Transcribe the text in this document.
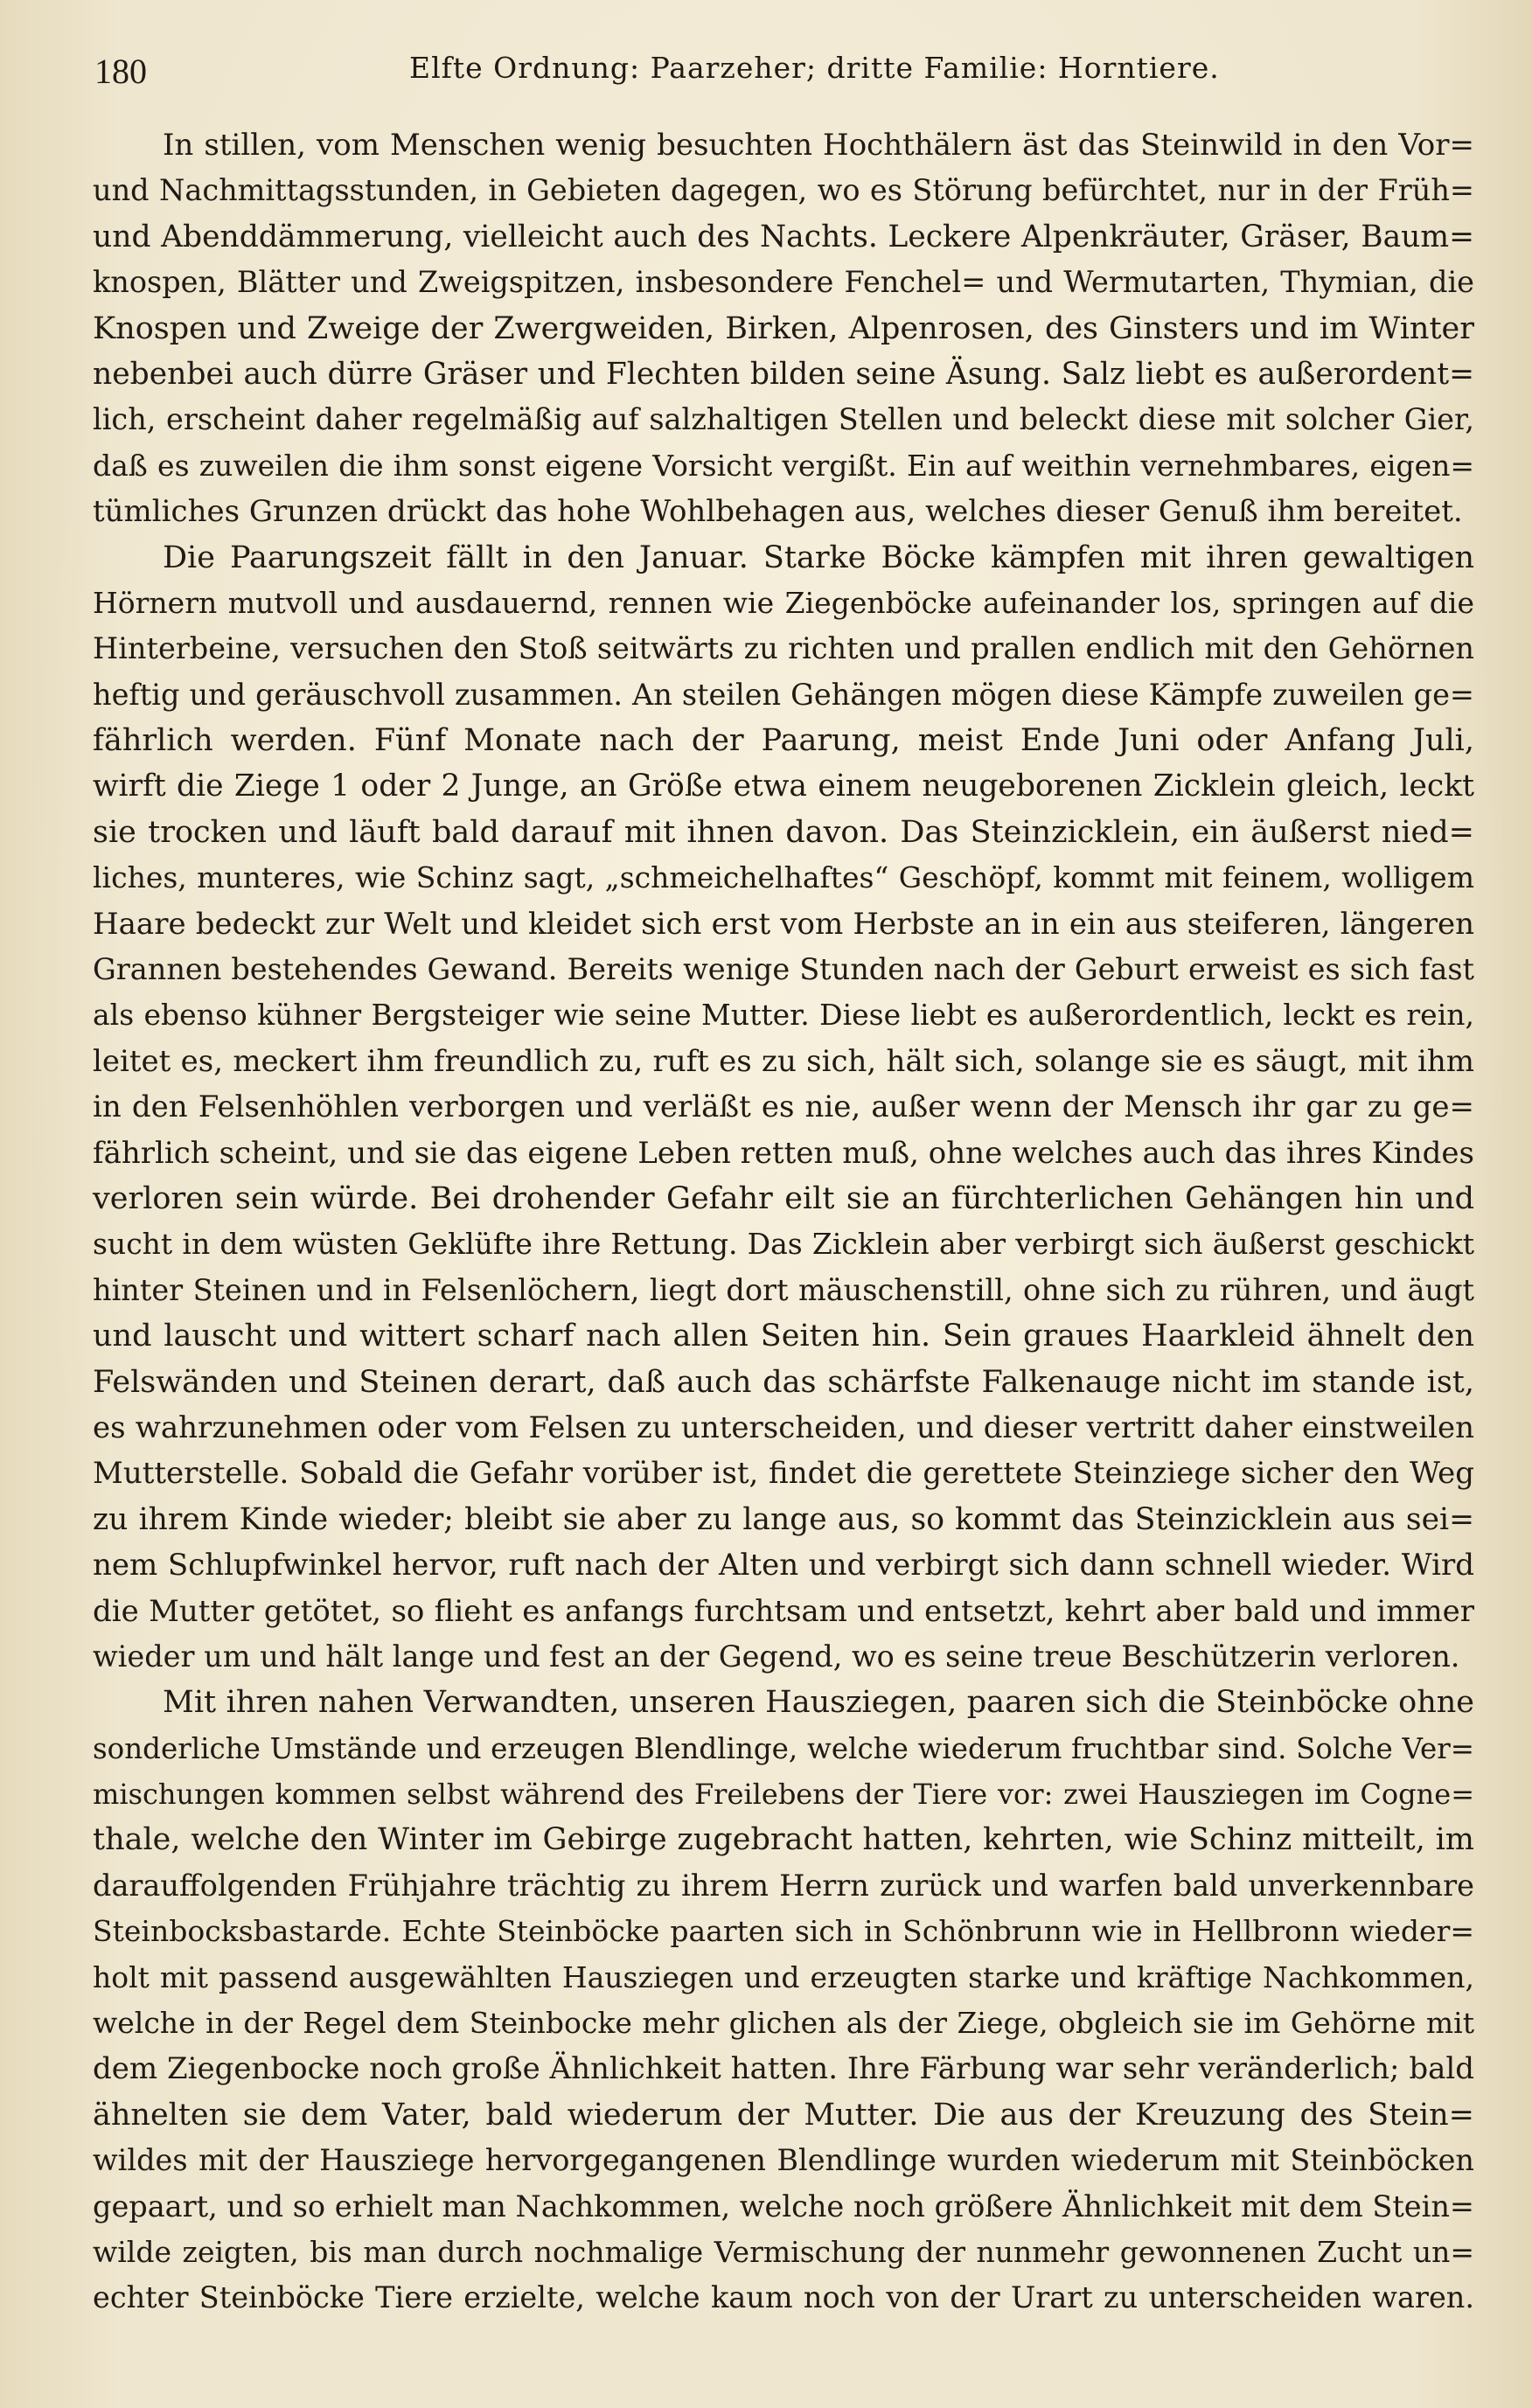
180	Elfte Ordnung: Paarzeher; dritte Familie: Horntiere.
In stillen, vom Menschen wenig besuchten Hochthälern äst das Steinwild in den Vor=
und Nachmittagsstunden, in Gebieten dagegen, wo es Störung befürchtet, nur in der Früh=
und Abenddämmerung, vielleicht auch des Nachts. Leckere Alpenkräuter, Gräser, Baum=
knospen, Blätter und Zweigspitzen, insbesondere Fenchel= und Wermutarten, Thymian, die
Knospen und Zweige der Zwergweiden, Birken, Alpenrosen, des Ginsters und im Winter
nebenbei auch dürre Gräser und Flechten bilden seine Äsung. Salz liebt es außerordent=
lich, erscheint daher regelmäßig auf salzhaltigen Stellen und beleckt diese mit solcher Gier,
daß es zuweilen die ihm sonst eigene Vorsicht vergißt. Ein auf weithin vernehmbares, eigen=
tümliches Grunzen drückt das hohe Wohlbehagen aus, welches dieser Genuß ihm bereitet.
Die Paarungszeit fällt in den Januar. Starke Böcke kämpfen mit ihren gewaltigen
Hörnern mutvoll und ausdauernd, rennen wie Ziegenböcke aufeinander los, springen auf die
Hinterbeine, versuchen den Stoß seitwärts zu richten und prallen endlich mit den Gehörnen
heftig und geräuschvoll zusammen. An steilen Gehängen mögen diese Kämpfe zuweilen ge=
fährlich werden. Fünf Monate nach der Paarung, meist Ende Juni oder Anfang Juli,
wirft die Ziege 1 oder 2 Junge, an Größe etwa einem neugeborenen Zicklein gleich, leckt
sie trocken und läuft bald darauf mit ihnen davon. Das Steinzicklein, ein äußerst nied=
liches, munteres, wie Schinz sagt, „schmeichelhaftes“ Geschöpf, kommt mit feinem, wolligem
Haare bedeckt zur Welt und kleidet sich erst vom Herbste an in ein aus steiferen, längeren
Grannen bestehendes Gewand. Bereits wenige Stunden nach der Geburt erweist es sich fast
als ebenso kühner Bergsteiger wie seine Mutter. Diese liebt es außerordentlich, leckt es rein,
leitet es, meckert ihm freundlich zu, ruft es zu sich, hält sich, solange sie es säugt, mit ihm
in den Felsenhöhlen verborgen und verläßt es nie, außer wenn der Mensch ihr gar zu ge=
fährlich scheint, und sie das eigene Leben retten muß, ohne welches auch das ihres Kindes
verloren sein würde. Bei drohender Gefahr eilt sie an fürchterlichen Gehängen hin und
sucht in dem wüsten Geklüfte ihre Rettung. Das Zicklein aber verbirgt sich äußerst geschickt
hinter Steinen und in Felsenlöchern, liegt dort mäuschenstill, ohne sich zu rühren, und äugt
und lauscht und wittert scharf nach allen Seiten hin. Sein graues Haarkleid ähnelt den
Felswänden und Steinen derart, daß auch das schärfste Falkenauge nicht im stande ist,
es wahrzunehmen oder vom Felsen zu unterscheiden, und dieser vertritt daher einstweilen
Mutterstelle. Sobald die Gefahr vorüber ist, findet die gerettete Steinziege sicher den Weg
zu ihrem Kinde wieder; bleibt sie aber zu lange aus, so kommt das Steinzicklein aus sei=
nem Schlupfwinkel hervor, ruft nach der Alten und verbirgt sich dann schnell wieder. Wird
die Mutter getötet, so flieht es anfangs furchtsam und entsetzt, kehrt aber bald und immer
wieder um und hält lange und fest an der Gegend, wo es seine treue Beschützerin verloren.
Mit ihren nahen Verwandten, unseren Hausziegen, paaren sich die Steinböcke ohne
sonderliche Umstände und erzeugen Blendlinge, welche wiederum fruchtbar sind. Solche Ver=
mischungen kommen selbst während des Freilebens der Tiere vor: zwei Hausziegen im Cogne=
thale, welche den Winter im Gebirge zugebracht hatten, kehrten, wie Schinz mitteilt, im
darauffolgenden Frühjahre trächtig zu ihrem Herrn zurück und warfen bald unverkennbare
Steinbocksbastarde. Echte Steinböcke paarten sich in Schönbrunn wie in Hellbronn wieder=
holt mit passend ausgewählten Hausziegen und erzeugten starke und kräftige Nachkommen,
welche in der Regel dem Steinbocke mehr glichen als der Ziege, obgleich sie im Gehörne mit
dem Ziegenbocke noch große Ähnlichkeit hatten. Ihre Färbung war sehr veränderlich; bald
ähnelten sie dem Vater, bald wiederum der Mutter. Die aus der Kreuzung des Stein=
wildes mit der Hausziege hervorgegangenen Blendlinge wurden wiederum mit Steinböcken
gepaart, und so erhielt man Nachkommen, welche noch größere Ähnlichkeit mit dem Stein=
wilde zeigten, bis man durch nochmalige Vermischung der nunmehr gewonnenen Zucht un=
echter Steinböcke Tiere erzielte, welche kaum noch von der Urart zu unterscheiden waren.
